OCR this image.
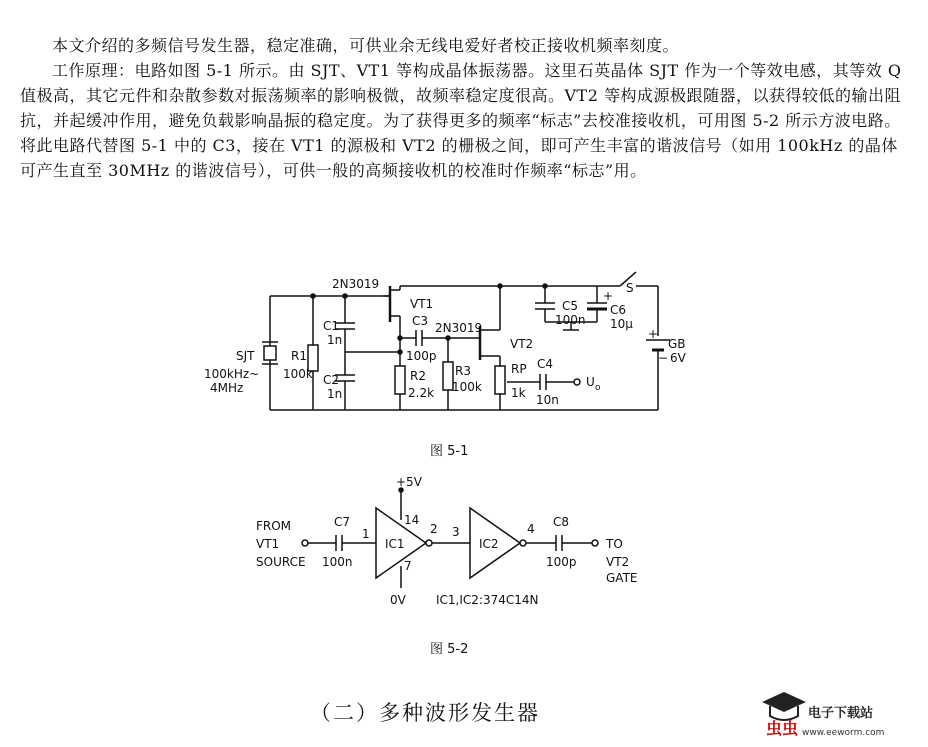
本文介绍的多频信号发生器，稳定准确，可供业余无线电爱好者校正接收机频率刻度。

工作原理：电路如图 5-1 所示。由 SJT、VT1 等构成晶体振荡器。这里石英晶体 SJT 作为一个等效电感，其等效 Q 值极高，其它元件和杂散参数对振荡频率的影响极微，故频率稳定度很高。VT2 等构成源极跟随器，以获得较低的输出阻抗，并起缓冲作用，避免负载影响晶振的稳定度。为了获得更多的频率“标志”去校准接收机，可用图 5-2 所示方波电路。将此电路代替图 5-1 中的 C3，接在 VT1 的源极和 VT2 的栅极之间，即可产生丰富的谐波信号（如用 100kHz 的晶体可产生直至 30MHz 的谐波信号），可供一般的高频接收机的校准时作频率“标志”用。

2N3019
VT1
C1
1n
C2
1n
C3
100p
2N3019
VT2
R1
100k	R2
2.2k
R3
100k
RP
1k
C4
10n
C5
100n
+
C6
10μ
S
+
GB
− 6V
SJT
100kHz~
4MHz	U o
图 5-1
FROM
VT1
SOURCE
C7
100n
1
14
IC1
2 3
7
+5V
0V
IC2
4 C8
100p
TO
VT2
GATE
IC1,IC2:374C14N
图 5-2
（二）多种波形发生器
虫虫
电子下载站
www.eeworm.com
